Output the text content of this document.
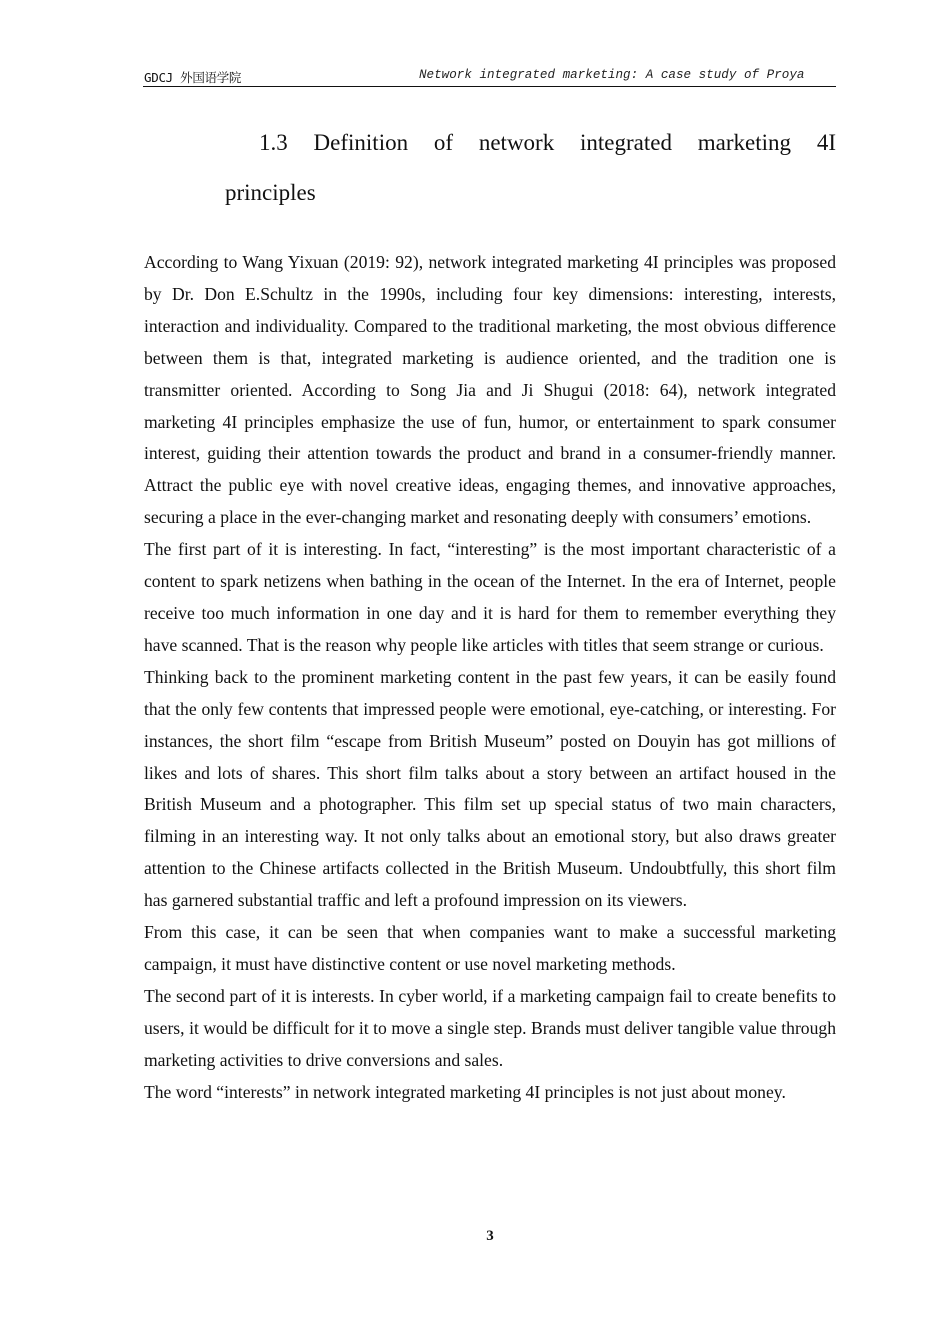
GDCJ 外国语学院	Network integrated marketing: A case study of Proya
1.3 Definition of network integrated marketing 4I
principles

According to Wang Yixuan (2019: 92), network integrated marketing 4I principles was proposed by Dr. Don E.Schultz in the 1990s, including four key dimensions: interesting, interests, interaction and individuality. Compared to the traditional marketing, the most obvious difference between them is that, integrated marketing is audience oriented, and the tradition one is transmitter oriented. According to Song Jia and Ji Shugui (2018: 64), network integrated marketing 4I principles emphasize the use of fun, humor, or entertainment to spark consumer interest, guiding their attention towards the product and brand in a consumer-friendly manner. Attract the public eye with novel creative ideas, engaging themes, and innovative approaches, securing a place in the ever-changing market and resonating deeply with consumers’ emotions.

The first part of it is interesting. In fact, “interesting” is the most important characteristic of a content to spark netizens when bathing in the ocean of the Internet. In the era of Internet, people receive too much information in one day and it is hard for them to remember everything they have scanned. That is the reason why people like articles with titles that seem strange or curious.

Thinking back to the prominent marketing content in the past few years, it can be easily found that the only few contents that impressed people were emotional, eye-catching, or interesting. For instances, the short film “escape from British Museum” posted on Douyin has got millions of likes and lots of shares. This short film talks about a story between an artifact housed in the British Museum and a photographer. This film set up special status of two main characters, filming in an interesting way. It not only talks about an emotional story, but also draws greater attention to the Chinese artifacts collected in the British Museum. Undoubtfully, this short film has garnered substantial traffic and left a profound impression on its viewers.

From this case, it can be seen that when companies want to make a successful marketing campaign, it must have distinctive content or use novel marketing methods.

The second part of it is interests. In cyber world, if a marketing campaign fail to create benefits to users, it would be difficult for it to move a single step. Brands must deliver tangible value through marketing activities to drive conversions and sales.

The word “interests” in network integrated marketing 4I principles is not just about money.

3
